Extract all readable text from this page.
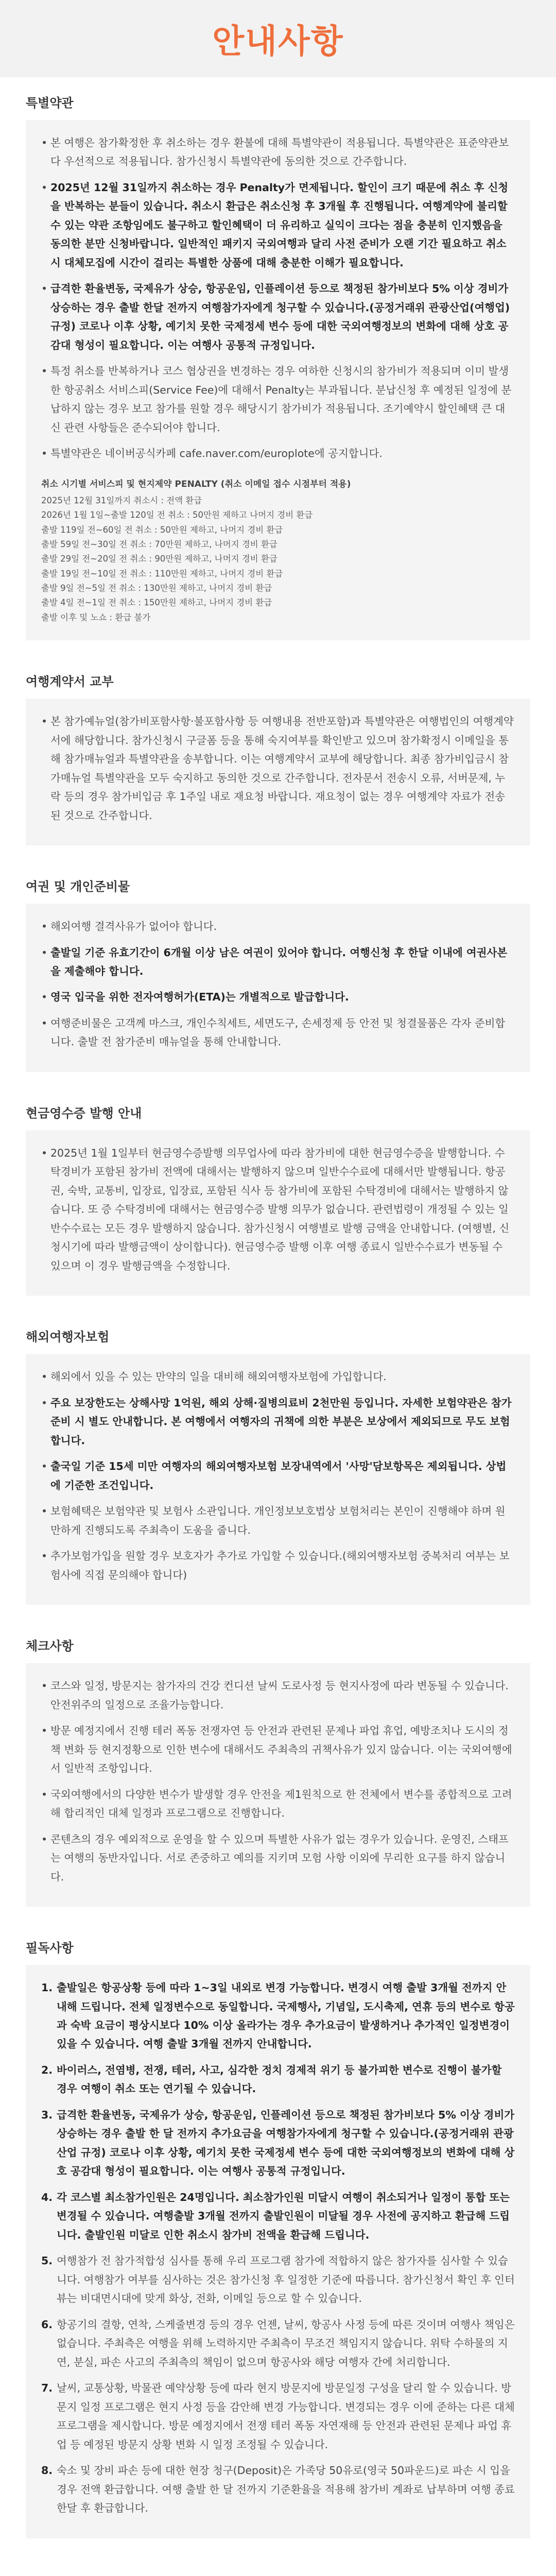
안내사항
특별약관
• 본 여행은 참가확정한 후 취소하는 경우 환불에 대해 특별약관이 적용됩니다. 특별약관은 표준약관보다 우선적으로 적용됩니다. 참가신청시 특별약관에 동의한 것으로 간주합니다.
• 2025년 12월 31일까지 취소하는 경우 Penalty가 면제됩니다. 할인이 크기 때문에 취소 후 신청을 반복하는 분들이 있습니다. 취소시 환급은 취소신청 후 3개월 후 진행됩니다. 여행계약에 불리할 수 있는 약관 조항임에도 불구하고 할인혜택이 더 유리하고 실익이 크다는 점을 충분히 인지했음을 동의한 분만 신청바랍니다. 일반적인 패키지 국외여행과 달리 사전 준비가 오랜 기간 필요하고 취소시 대체모집에 시간이 걸리는 특별한 상품에 대해 충분한 이해가 필요합니다.
• 급격한 환율변동, 국제유가 상승, 항공운임, 인플레이션 등으로 책정된 참가비보다 5% 이상 경비가 상승하는 경우 출발 한달 전까지 여행참가자에게 청구할 수 있습니다.(공정거래위 관광산업(여행업) 규정) 코로나 이후 상황, 예기치 못한 국제정세 변수 등에 대한 국외여행정보의 변화에 대해 상호 공감대 형성이 필요합니다. 이는 여행사 공통적 규정입니다.
• 특정 취소를 반복하거나 코스 협상권을 변경하는 경우 여하한 신청시의 참가비가 적용되며 이미 발생한 항공취소 서비스피(Service Fee)에 대해서 Penalty는 부과됩니다. 분납신청 후 예정된 일정에 분납하지 않는 경우 보고 참가를 원할 경우 해당시기 참가비가 적용됩니다. 조기예약시 할인혜택 큰 대신 관련 사항들은 준수되어야 합니다.
• 특별약관은 네이버공식카페 cafe.naver.com/europlote에 공지합니다.
취소 시기별 서비스피 및 현지제약 PENALTY (취소 이메일 접수 시점부터 적용)
2025년 12월 31일까지 취소시 : 전액 환급
2026년 1월 1일~출발 120일 전 취소 : 50만원 제하고 나머지 경비 환급
출발 119일 전~60일 전 취소 : 50만원 제하고, 나머지 경비 환급
출발 59일 전~30일 전 취소 : 70만원 제하고, 나머지 경비 환급
출발 29일 전~20일 전 취소 : 90만원 제하고, 나머지 경비 환급
출발 19일 전~10일 전 취소 : 110만원 제하고, 나머지 경비 환급
출발 9일 전~5일 전 취소 : 130만원 제하고, 나머지 경비 환급
출발 4일 전~1일 전 취소 : 150만원 제하고, 나머지 경비 환급
출발 이후 및 노쇼 : 환급 불가
여행계약서 교부
• 본 참가예뉴얼(참가비포함사항·불포함사항 등 여행내용 전반포함)과 특별약관은 여행법인의 여행계약서에 해당합니다. 참가신청시 구글폼 등을 통해 숙지여부를 확인받고 있으며 참가확정시 이메일을 통해 참가매뉴얼과 특별약관을 송부합니다. 이는 여행계약서 교부에 해당합니다. 최종 참가비입금시 참가매뉴얼 특별약관을 모두 숙지하고 동의한 것으로 간주합니다. 전자문서 전송시 오류, 서버문제, 누락 등의 경우 참가비입금 후 1주일 내로 재요청 바랍니다. 재요청이 없는 경우 여행계약 자료가 전송된 것으로 간주합니다.
여권 및 개인준비물
• 해외여행 결격사유가 없어야 합니다.
• 출발일 기준 유효기간이 6개월 이상 남은 여권이 있어야 합니다. 여행신청 후 한달 이내에 여권사본을 제출해야 합니다.
• 영국 입국을 위한 전자여행허가(ETA)는 개별적으로 발급합니다.
• 여행준비물은 고객께 마스크, 개인수칙세트, 세면도구, 손세정제 등 안전 및 청결물품은 각자 준비합니다. 출발 전 참가준비 매뉴얼을 통해 안내합니다.
현금영수증 발행 안내
• 2025년 1월 1일부터 현금영수증발행 의무업사에 따라 참가비에 대한 현금영수증을 발행합니다. 수탁경비가 포함된 참가비 전액에 대해서는 발행하지 않으며 일반수수료에 대해서만 발행됩니다. 항공권, 숙박, 교통비, 입장료, 입장료, 포함된 식사 등 참가비에 포함된 수탁경비에 대해서는 발행하지 않습니다. 또 증 수탁경비에 대해서는 현금영수증 발행 의무가 없습니다. 관련법령이 개정될 수 있는 일반수수료는 모든 경우 발행하지 않습니다. 참가신청시 여행별로 발행 금액을 안내합니다. (여행별, 신청시기에 따라 발행금액이 상이합니다). 현금영수증 발행 이후 여행 종료시 일반수수료가 변동될 수 있으며 이 경우 발행금액을 수정합니다.
해외여행자보험
• 해외에서 있을 수 있는 만약의 일을 대비해 해외여행자보험에 가입합니다.
• 주요 보장한도는 상해사망 1억원, 해외 상해·질병의료비 2천만원 등입니다. 자세한 보험약관은 참가준비 시 별도 안내합니다. 본 여행에서 여행자의 귀책에 의한 부분은 보상에서 제외되므로 무도 보험합니다.
• 출국일 기준 15세 미만 여행자의 해외여행자보험 보장내역에서 '사망'담보항목은 제외됩니다. 상법에 기준한 조건입니다.
• 보험혜택은 보험약관 및 보험사 소관입니다. 개인정보보호법상 보험처리는 본인이 진행해야 하며 원만하게 진행되도록 주최측이 도움을 줍니다.
• 추가보험가입을 원할 경우 보호자가 추가로 가입할 수 있습니다.(해외여행자보험 중복처리 여부는 보험사에 직접 문의해야 합니다)
체크사항
• 코스와 일정, 방문지는 참가자의 건강 컨디션 날씨 도로사정 등 현지사정에 따라 변동될 수 있습니다. 안전위주의 일정으로 조율가능합니다.
• 방문 예정지에서 진행 테러 폭동 전쟁자연 등 안전과 관련된 문제나 파업 휴업, 예방조치나 도시의 정책 변화 등 현지정황으로 인한 변수에 대해서도 주최측의 귀책사유가 있지 않습니다. 이는 국외여행에서 일반적 조항입니다.
• 국외여행에서의 다양한 변수가 발생할 경우 안전을 제1원칙으로 한 전체에서 변수를 종합적으로 고려해 합리적인 대체 일정과 프로그램으로 진행합니다.
• 콘텐츠의 경우 예외적으로 운영을 할 수 있으며 특별한 사유가 없는 경우가 있습니다. 운영진, 스태프는 여행의 동반자입니다. 서로 존중하고 예의를 지키며 모험 사항 이외에 무리한 요구를 하지 않습니다.
필독사항
1. 출발일은 항공상황 등에 따라 1~3일 내외로 변경 가능합니다. 변경시 여행 출발 3개월 전까지 안내해 드립니다. 전체 일정변수으로 동일합니다. 국제행사, 기념일, 도시축제, 연휴 등의 변수로 항공과 숙박 요금이 평상시보다 10% 이상 올라가는 경우 추가요금이 발생하거나 추가적인 일정변경이 있을 수 있습니다. 여행 출발 3개월 전까지 안내합니다.
2. 바이러스, 전염병, 전쟁, 테러, 사고, 심각한 정치 경제적 위기 등 불가피한 변수로 진행이 불가할 경우 여행이 취소 또는 연기될 수 있습니다.
3. 급격한 환율변동, 국제유가 상승, 항공운임, 인플레이션 등으로 책정된 참가비보다 5% 이상 경비가 상승하는 경우 출발 한 달 전까지 추가요금을 여행참가자에게 청구할 수 있습니다.(공정거래위 관광산업 규정) 코로나 이후 상황, 예기치 못한 국제정세 변수 등에 대한 국외여행정보의 변화에 대해 상호 공감대 형성이 필요합니다. 이는 여행사 공통적 규정입니다.
4. 각 코스별 최소참가인원은 24명입니다. 최소참가인원 미달시 여행이 취소되거나 일정이 통합 또는 변경될 수 있습니다. 여행출발 3개월 전까지 출발인원이 미달될 경우 사전에 공지하고 환급해 드립니다. 출발인원 미달로 인한 취소시 참가비 전액을 환급해 드립니다.
5. 여행참가 전 참가적합성 심사를 통해 우리 프로그램 참가에 적합하지 않은 참가자를 심사할 수 있습니다. 여행참가 여부를 심사하는 것은 참가신청 후 일정한 기준에 따릅니다. 참가신청서 확인 후 인터뷰는 비대면시대에 맞게 화상, 전화, 이메일 등으로 할 수 있습니다.
6. 항공기의 결항, 연착, 스케줄변경 등의 경우 언젠, 날씨, 항공사 사정 등에 따른 것이며 여행사 책임은 없습니다. 주최측은 여행을 위해 노력하지만 주최측이 무조건 책임지지 않습니다. 위탁 수하물의 지연, 분실, 파손 사고의 주최측의 책임이 없으며 항공사와 해당 여행자 간에 처리합니다.
7. 날씨, 교통상황, 박물관 예약상황 등에 따라 현지 방문지에 방문일정 구성을 달리 할 수 있습니다. 방문지 일정 프로그램은 현지 사정 등을 감안해 변경 가능합니다. 변경되는 경우 이에 준하는 다른 대체 프로그램을 제시합니다. 방문 예정지에서 전쟁 테러 폭동 자연재해 등 안전과 관련된 문제나 파업 휴업 등 예정된 방문지 상황 변화 시 일정 조정될 수 있습니다.
8. 숙소 및 장비 파손 등에 대한 현장 청구(Deposit)은 가족당 50유로(영국 50파운드)로 파손 시 입을 경우 전액 환급합니다. 여행 출발 한 달 전까지 기준환율을 적용해 참가비 계좌로 납부하며 여행 종료 한달 후 환급합니다.
